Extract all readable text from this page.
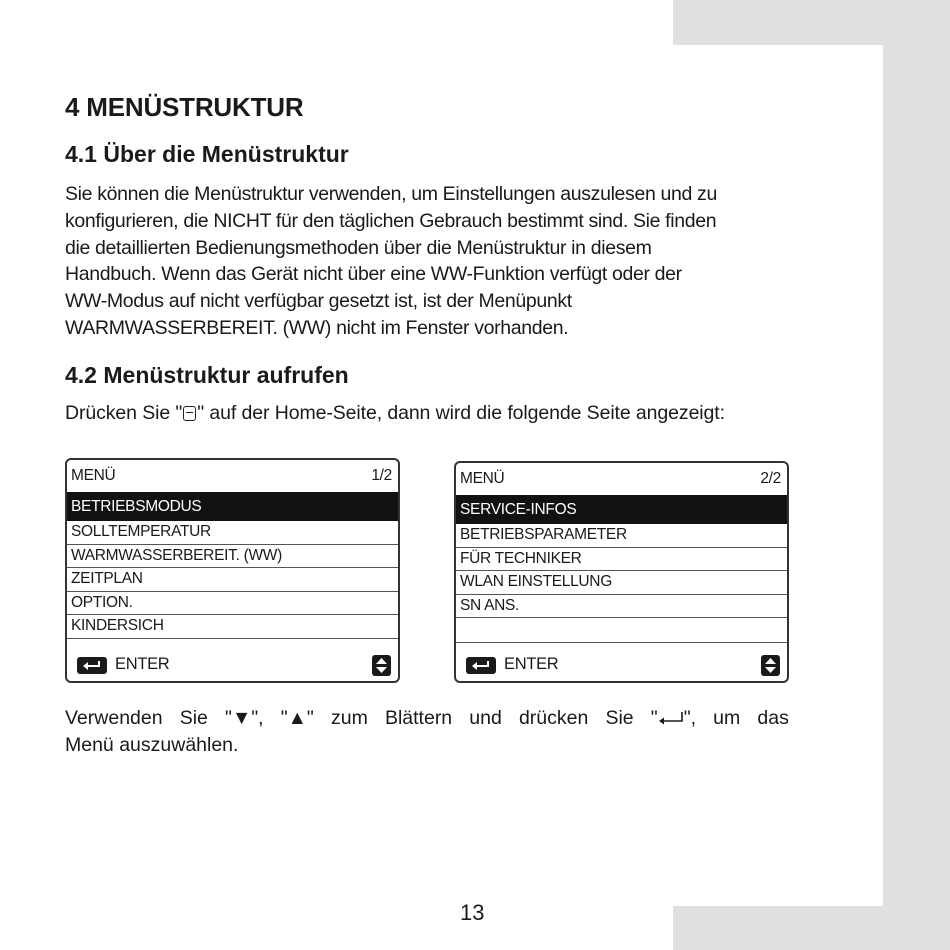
4 MENÜSTRUKTUR
4.1 Über die Menüstruktur
Sie können die Menüstruktur verwenden, um Einstellungen auszulesen und zu
konfigurieren, die NICHT für den täglichen Gebrauch bestimmt sind. Sie finden
die detaillierten Bedienungsmethoden über die Menüstruktur in diesem
Handbuch. Wenn das Gerät nicht über eine WW-Funktion verfügt oder der
WW-Modus auf nicht verfügbar gesetzt ist, ist der Menüpunkt
WARMWASSERBEREIT. (WW) nicht im Fenster vorhanden.
4.2 Menüstruktur aufrufen
Drücken Sie " " auf der Home-Seite, dann wird die folgende Seite angezeigt:
MENÜ	1/2
BETRIEBSMODUS
SOLLTEMPERATUR
WARMWASSERBEREIT. (WW)
ZEITPLAN
OPTION.
KINDERSICH
ENTER
MENÜ	2/2
SERVICE-INFOS
BETRIEBSPARAMETER
FÜR TECHNIKER
WLAN EINSTELLUNG
SN ANS.
ENTER
Verwenden Sie "▼", "▲" zum Blättern und drücken Sie " ", um das
Menü auszuwählen.
13
